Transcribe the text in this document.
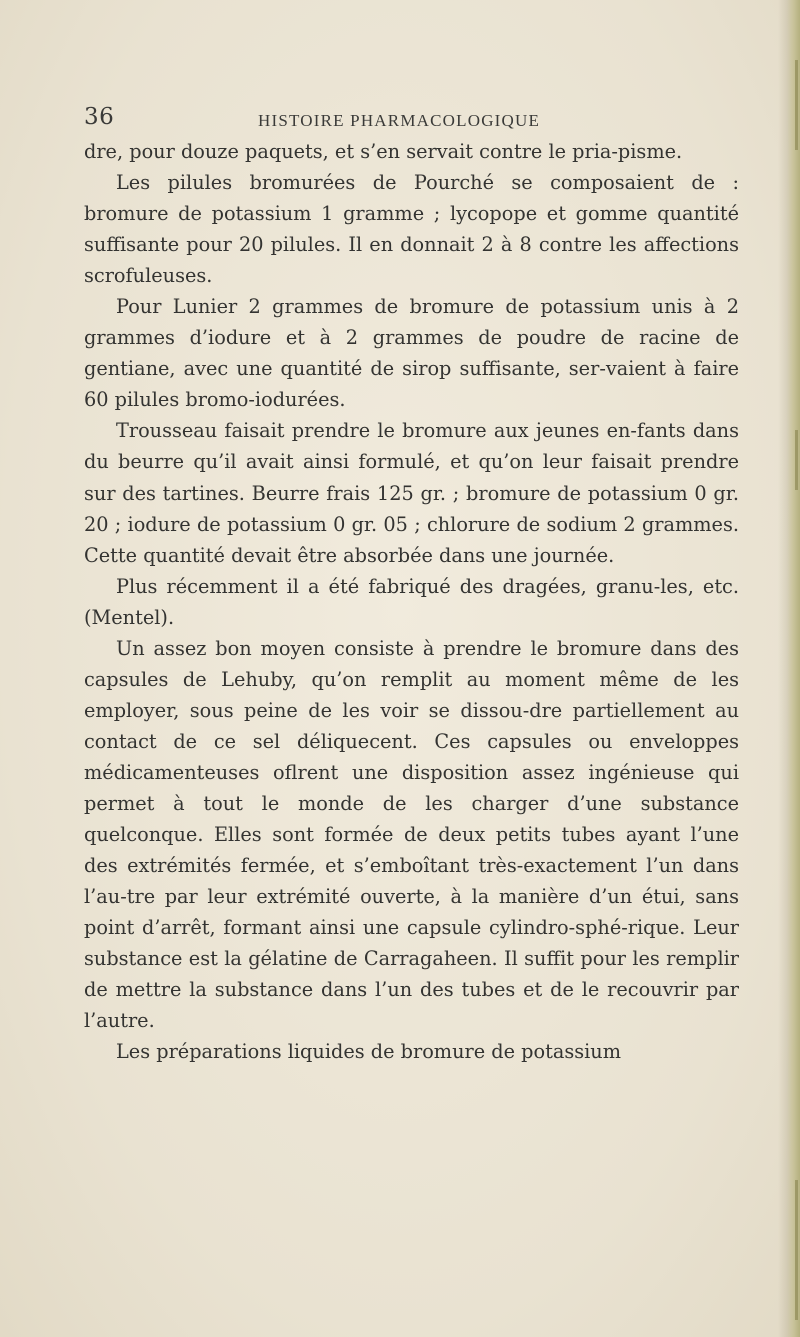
36	HISTOIRE PHARMACOLOGIQUE

dre, pour douze paquets, et s’en servait contre le pria-pisme.

Les pilules bromurées de Pourché se composaient de : bromure de potassium 1 gramme ; lycopope et gomme quantité suffisante pour 20 pilules. Il en donnait 2 à 8 contre les affections scrofuleuses.

Pour Lunier 2 grammes de bromure de potassium unis à 2 grammes d’iodure et à 2 grammes de poudre de racine de gentiane, avec une quantité de sirop suffisante, ser-vaient à faire 60 pilules bromo-iodurées.

Trousseau faisait prendre le bromure aux jeunes en-fants dans du beurre qu’il avait ainsi formulé, et qu’on leur faisait prendre sur des tartines. Beurre frais 125 gr. ; bromure de potassium 0 gr. 20 ; iodure de potassium 0 gr. 05 ; chlorure de sodium 2 grammes. Cette quantité devait être absorbée dans une journée.

Plus récemment il a été fabriqué des dragées, granu-les, etc. (Mentel).

Un assez bon moyen consiste à prendre le bromure dans des capsules de Lehuby, qu’on remplit au moment même de les employer, sous peine de les voir se dissou-dre partiellement au contact de ce sel déliquecent. Ces capsules ou enveloppes médicamenteuses oflrent une disposition assez ingénieuse qui permet à tout le monde de les charger d’une substance quelconque. Elles sont formée de deux petits tubes ayant l’une des extrémités fermée, et s’emboîtant très-exactement l’un dans l’au-tre par leur extrémité ouverte, à la manière d’un étui, sans point d’arrêt, formant ainsi une capsule cylindro-sphé-rique. Leur substance est la gélatine de Carragaheen. Il suffit pour les remplir de mettre la substance dans l’un des tubes et de le recouvrir par l’autre.

Les préparations liquides de bromure de potassium
